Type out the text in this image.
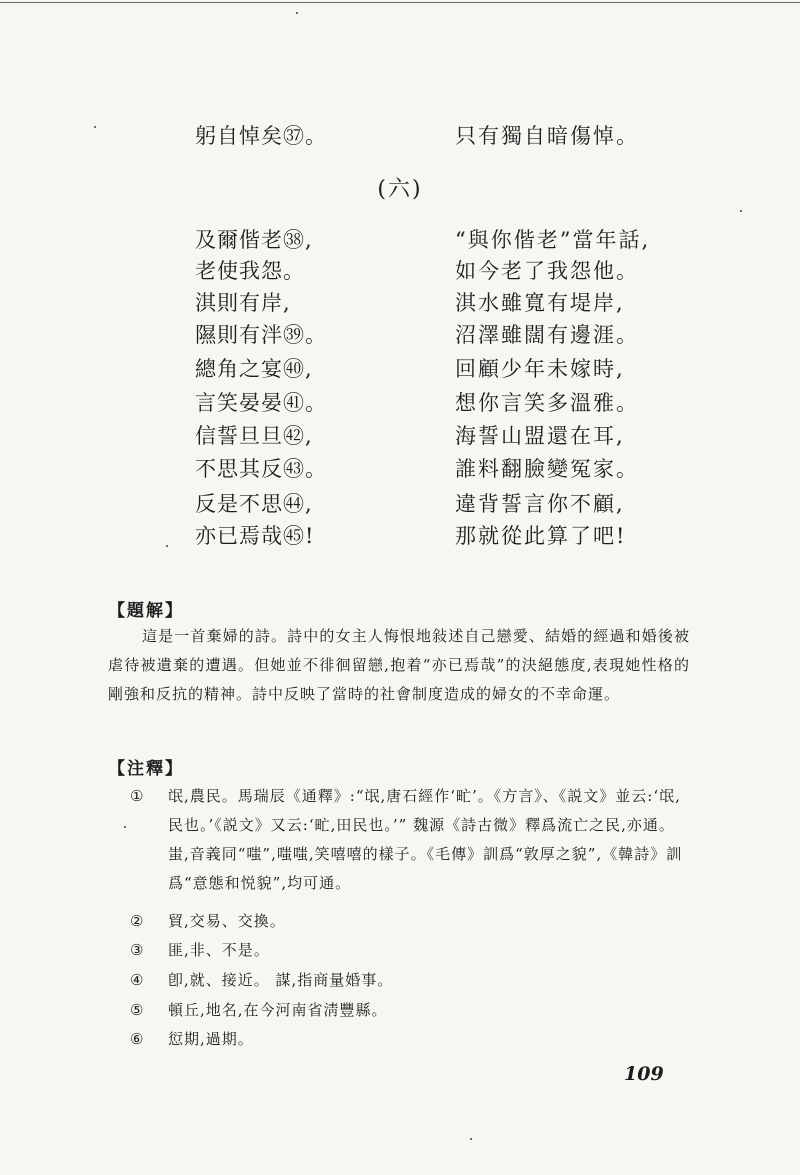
躬自悼矣㊲。	只有獨自暗傷悼。
(六)
及爾偕老㊳,	“與你偕老”當年話,
老使我怨。	如今老了我怨他。
淇則有岸,	淇水雖寬有堤岸,
隰則有泮㊴。	沼澤雖闊有邊涯。
總角之宴㊵,	回顧少年未嫁時,
言笑晏晏㊶。	想你言笑多溫雅。
信誓旦旦㊷,	海誓山盟還在耳,
不思其反㊸。	誰料翻臉變冤家。
反是不思㊹,	違背誓言你不顧,
亦已焉哉㊺!	那就從此算了吧!
【題解】
這是一首棄婦的詩。詩中的女主人悔恨地敍述自己戀愛、結婚的經過和婚後被虐待被遺棄的遭遇。但她並不徘徊留戀,抱着“亦已焉哉”的決絕態度,表現她性格的剛強和反抗的精神。詩中反映了當時的社會制度造成的婦女的不幸命運。
【注釋】
① 氓,農民。馬瑞辰《通釋》:“氓,唐石經作‘甿’。《方言》、《説文》並云:‘氓,民也。’《説文》又云:‘甿,田民也。’” 魏源《詩古微》釋爲流亡之民,亦通。蚩,音義同“嗤”,嗤嗤,笑嘻嘻的樣子。《毛傳》訓爲“敦厚之貌”,《韓詩》訓爲“意態和悦貌”,均可通。
② 貿,交易、交換。
③ 匪,非、不是。
④ 卽,就、接近。 謀,指商量婚事。
⑤ 頓丘,地名,在今河南省淸豐縣。
⑥ 愆期,過期。
109
